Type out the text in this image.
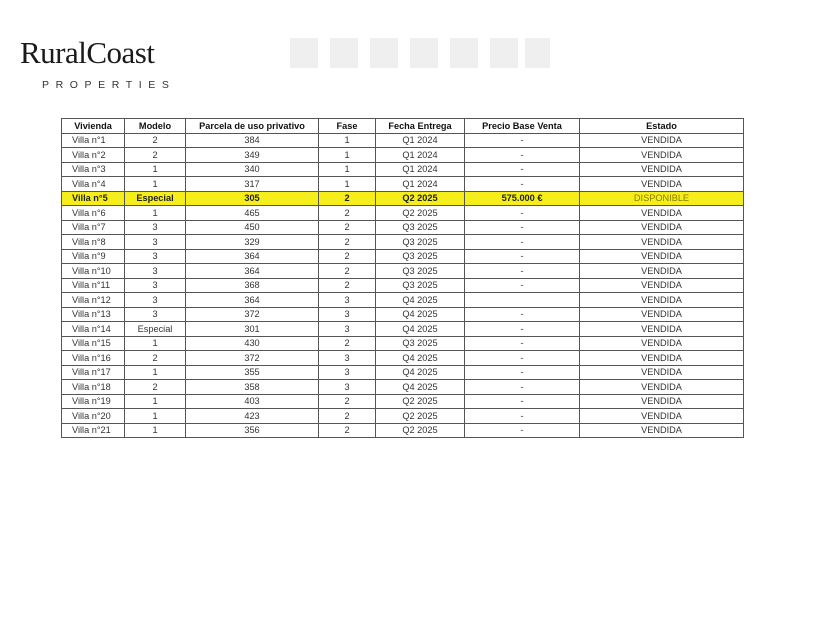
RuralCoast
PROPERTIES
Vivienda	Modelo	Parcela de uso privativo	Fase	Fecha Entrega	Precio Base Venta	Estado
Villa n°1	2	384	1	Q1 2024	-	VENDIDA
Villa n°2	2	349	1	Q1 2024	-	VENDIDA
Villa n°3	1	340	1	Q1 2024	-	VENDIDA
Villa n°4	1	317	1	Q1 2024	-	VENDIDA
Villa n°5	Especial	305	2	Q2 2025	575.000 €	DISPONIBLE
Villa n°6	1	465	2	Q2 2025	-	VENDIDA
Villa n°7	3	450	2	Q3 2025	-	VENDIDA
Villa n°8	3	329	2	Q3 2025	-	VENDIDA
Villa n°9	3	364	2	Q3 2025	-	VENDIDA
Villa n°10	3	364	2	Q3 2025	-	VENDIDA
Villa n°11	3	368	2	Q3 2025	-	VENDIDA
Villa n°12	3	364	3	Q4 2025		VENDIDA
Villa n°13	3	372	3	Q4 2025	-	VENDIDA
Villa n°14	Especial	301	3	Q4 2025	-	VENDIDA
Villa n°15	1	430	2	Q3 2025	-	VENDIDA
Villa n°16	2	372	3	Q4 2025	-	VENDIDA
Villa n°17	1	355	3	Q4 2025	-	VENDIDA
Villa n°18	2	358	3	Q4 2025	-	VENDIDA
Villa n°19	1	403	2	Q2 2025	-	VENDIDA
Villa n°20	1	423	2	Q2 2025	-	VENDIDA
Villa n°21	1	356	2	Q2 2025	-	VENDIDA
